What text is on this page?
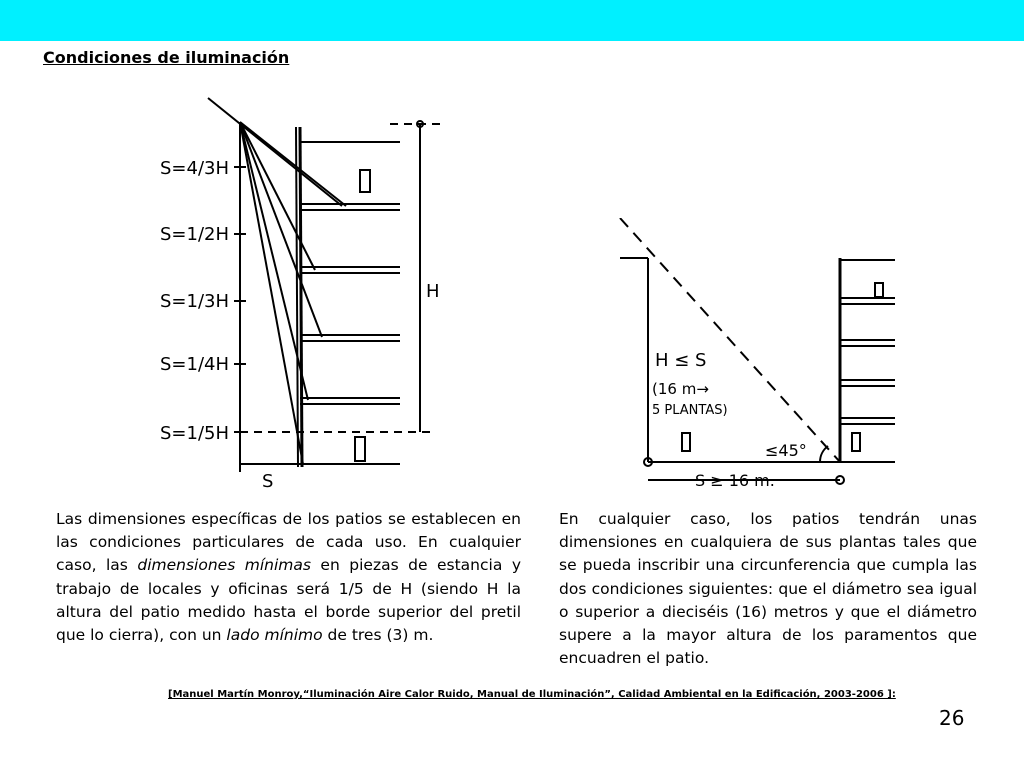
Condiciones de iluminación
S=4/3H
S=1/2H
S=1/3H
S=1/4H
S=1/5H
H
S
H ≤ S
(16 m→
5 PLANTAS)
≤45°
S ≥ 16 m.
Las dimensiones específicas de los patios se establecen en las condiciones particulares de cada uso. En cualquier caso, las dimensiones mínimas en piezas de estancia y trabajo de locales y oficinas será 1/5 de H (siendo H la altura del patio medido hasta el borde superior del pretil que lo cierra), con un lado mínimo de tres (3) m.
En cualquier caso, los patios tendrán unas dimensiones en cualquiera de sus plantas tales que se pueda inscribir una circunferencia que cumpla las dos condiciones siguientes: que el diámetro sea igual o superior a dieciséis (16) metros y que el diámetro supere a la mayor altura de los paramentos que encuadren el patio.
[Manuel Martín Monroy,“Iluminación Aire Calor Ruido, Manual de Iluminación”, Calidad Ambiental en la Edificación, 2003-2006 ]:
26
